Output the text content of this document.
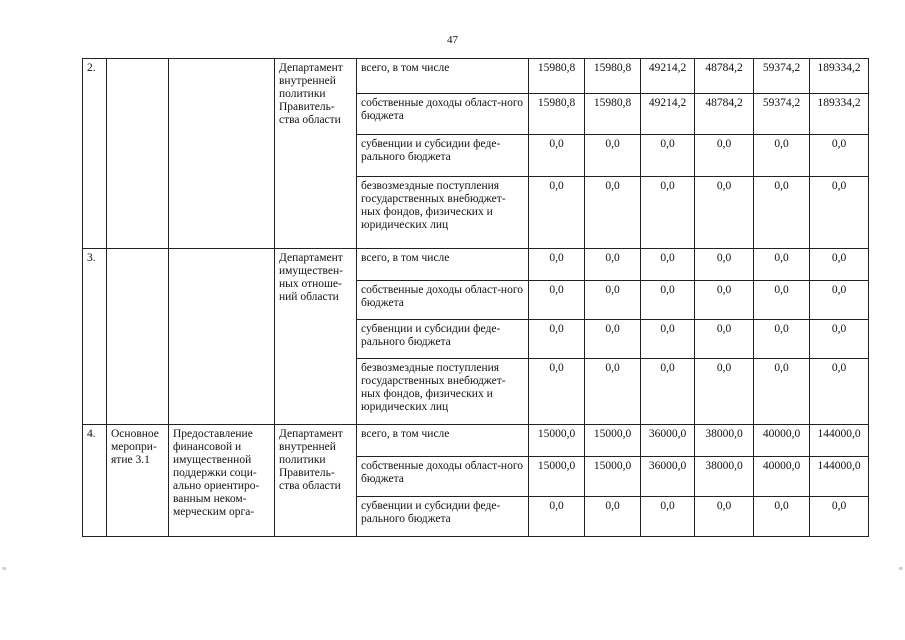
47
2.			Департамент внутренней политики Правитель-ства области	всего, в том числе	15980,8	15980,8	49214,2	48784,2	59374,2	189334,2
				собственные доходы област-ного бюджета	15980,8	15980,8	49214,2	48784,2	59374,2	189334,2
				субвенции и субсидии феде-рального бюджета	0,0	0,0	0,0	0,0	0,0	0,0
				безвозмездные поступления государственных внебюджет-ных фондов, физических и юридических лиц	0,0	0,0	0,0	0,0	0,0	0,0
3.			Департамент имуществен-ных отноше-ний области	всего, в том числе	0,0	0,0	0,0	0,0	0,0	0,0
				собственные доходы област-ного бюджета	0,0	0,0	0,0	0,0	0,0	0,0
				субвенции и субсидии феде-рального бюджета	0,0	0,0	0,0	0,0	0,0	0,0
				безвозмездные поступления государственных внебюджет-ных фондов, физических и юридических лиц	0,0	0,0	0,0	0,0	0,0	0,0
4.	Основное меропри-ятие 3.1	Предоставление финансовой и имущественной поддержки соци-ально ориентиро-ванным неком-мерческим орга-	Департамент внутренней политики Правитель-ства области	всего, в том числе	15000,0	15000,0	36000,0	38000,0	40000,0	144000,0
				собственные доходы област-ного бюджета	15000,0	15000,0	36000,0	38000,0	40000,0	144000,0
				субвенции и субсидии феде-рального бюджета	0,0	0,0	0,0	0,0	0,0	0,0
≡	≡
